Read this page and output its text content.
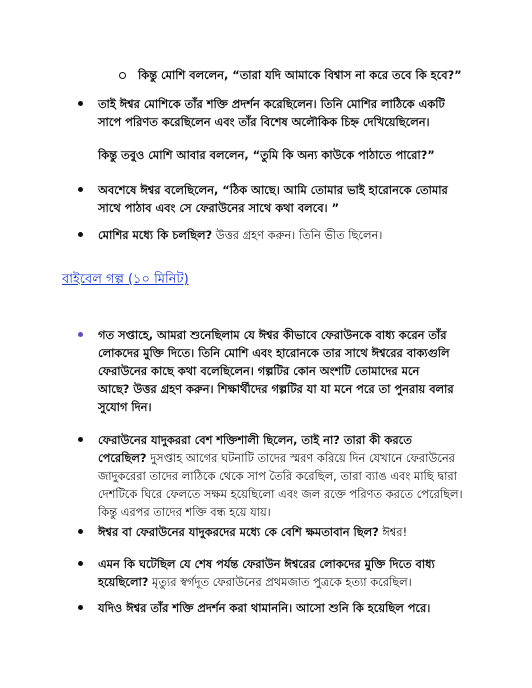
কিন্তু মোশি বললেন, “তারা যদি আমাকে বিশ্বাস না করে তবে কি হবে?”
তাই ঈশ্বর মোশিকে তাঁর শক্তি প্রদর্শন করেছিলেন। তিনি মোশির লাঠিকে একটি
সাপে পরিণত করেছিলেন এবং তাঁর বিশেষ অলৌকিক চিহ্ন দেখিয়েছিলেন।
কিন্তু তবুও মোশি আবার বললেন, “তুমি কি অন্য কাউকে পাঠাতে পারো?”
অবশেষে ঈশ্বর বলেছিলেন, “ঠিক আছে। আমি তোমার ভাই হারোনকে তোমার
সাথে পাঠাব এবং সে ফেরাউনের সাথে কথা বলবে। ”
মোশির মধ্যে কি চলছিল? উত্তর গ্রহণ করুন। তিনি ভীত ছিলেন।
বাইবেল গল্প (১০ মিনিট)
গত সপ্তাহে, আমরা শুনেছিলাম যে ঈশ্বর কীভাবে ফেরাউনকে বাধ্য করেন তাঁর
লোকদের মুক্তি দিতে। তিনি মোশি এবং হারোনকে তার সাথে ঈশ্বরের বাক্যগুলি
ফেরাউনের কাছে কথা বলেছিলেন। গল্পটির কোন অংশটি তোমাদের মনে
আছে? উত্তর গ্রহণ করুন। শিক্ষার্থীদের গল্পটির যা যা মনে পরে তা পুনরায় বলার
সুযোগ দিন।
ফেরাউনের যাদুকররা বেশ শক্তিশালী ছিলেন, তাই না? তারা কী করতে
পেরেছিল? দুসপ্তাহ আগের ঘটনাটি তাদের স্মরণ করিয়ে দিন যেখানে ফেরাউনের
জাদুকরেরা তাদের লাঠিকে থেকে সাপ তৈরি করেছিল, তারা ব্যাঙ এবং মাছি দ্বারা
দেশটিকে ঘিরে ফেলতে সক্ষম হয়েছিলো এবং জল রক্তে পরিণত করতে পেরেছিল।
কিন্তু এরপর তাদের শক্তি বন্ধ হয়ে যায়।
ঈশ্বর বা ফেরাউনের যাদুকরদের মধ্যে কে বেশি ক্ষমতাবান ছিল? ঈশ্বর!
এমন কি ঘটেছিল যে শেষ পর্যন্ত ফেরাউন ঈশ্বরের লোকদের মুক্তি দিতে বাধ্য
হয়েছিলো? মৃত্যুর স্বর্গদূত ফেরাউনের প্রথমজাত পুত্রকে হত্যা করেছিল।
যদিও ঈশ্বর তাঁর শক্তি প্রদর্শন করা থামাননি। আসো শুনি কি হয়েছিল পরে।
